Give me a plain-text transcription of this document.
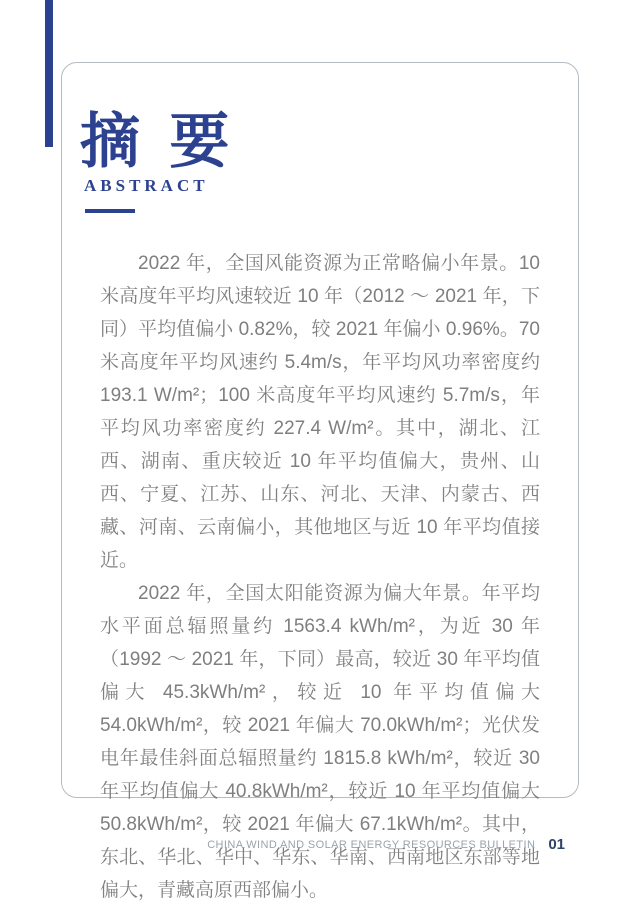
摘 要
ABSTRACT

2022 年，全国风能资源为正常略偏小年景。10 米高度年平均风速较近 10 年（2012 ～ 2021 年，下同）平均值偏小 0.82%，较 2021 年偏小 0.96%。70 米高度年平均风速约 5.4m/s，年平均风功率密度约 193.1 W/m²；100 米高度年平均风速约 5.7m/s，年平均风功率密度约 227.4 W/m²。其中，湖北、江西、湖南、重庆较近 10 年平均值偏大，贵州、山西、宁夏、江苏、山东、河北、天津、内蒙古、西藏、河南、云南偏小，其他地区与近 10 年平均值接近。

2022 年，全国太阳能资源为偏大年景。年平均水平面总辐照量约 1563.4 kWh/m²，为近 30 年（1992 ～ 2021 年，下同）最高，较近 30 年平均值偏大 45.3kWh/m²，较近 10 年平均值偏大 54.0kWh/m²，较 2021 年偏大 70.0kWh/m²；光伏发电年最佳斜面总辐照量约 1815.8 kWh/m²，较近 30 年平均值偏大 40.8kWh/m²，较近 10 年平均值偏大 50.8kWh/m²，较 2021 年偏大 67.1kWh/m²。其中，东北、华北、华中、华东、华南、西南地区东部等地偏大，青藏高原西部偏小。

CHINA WIND AND SOLAR ENERGY RESOURCES BULLETIN 01
